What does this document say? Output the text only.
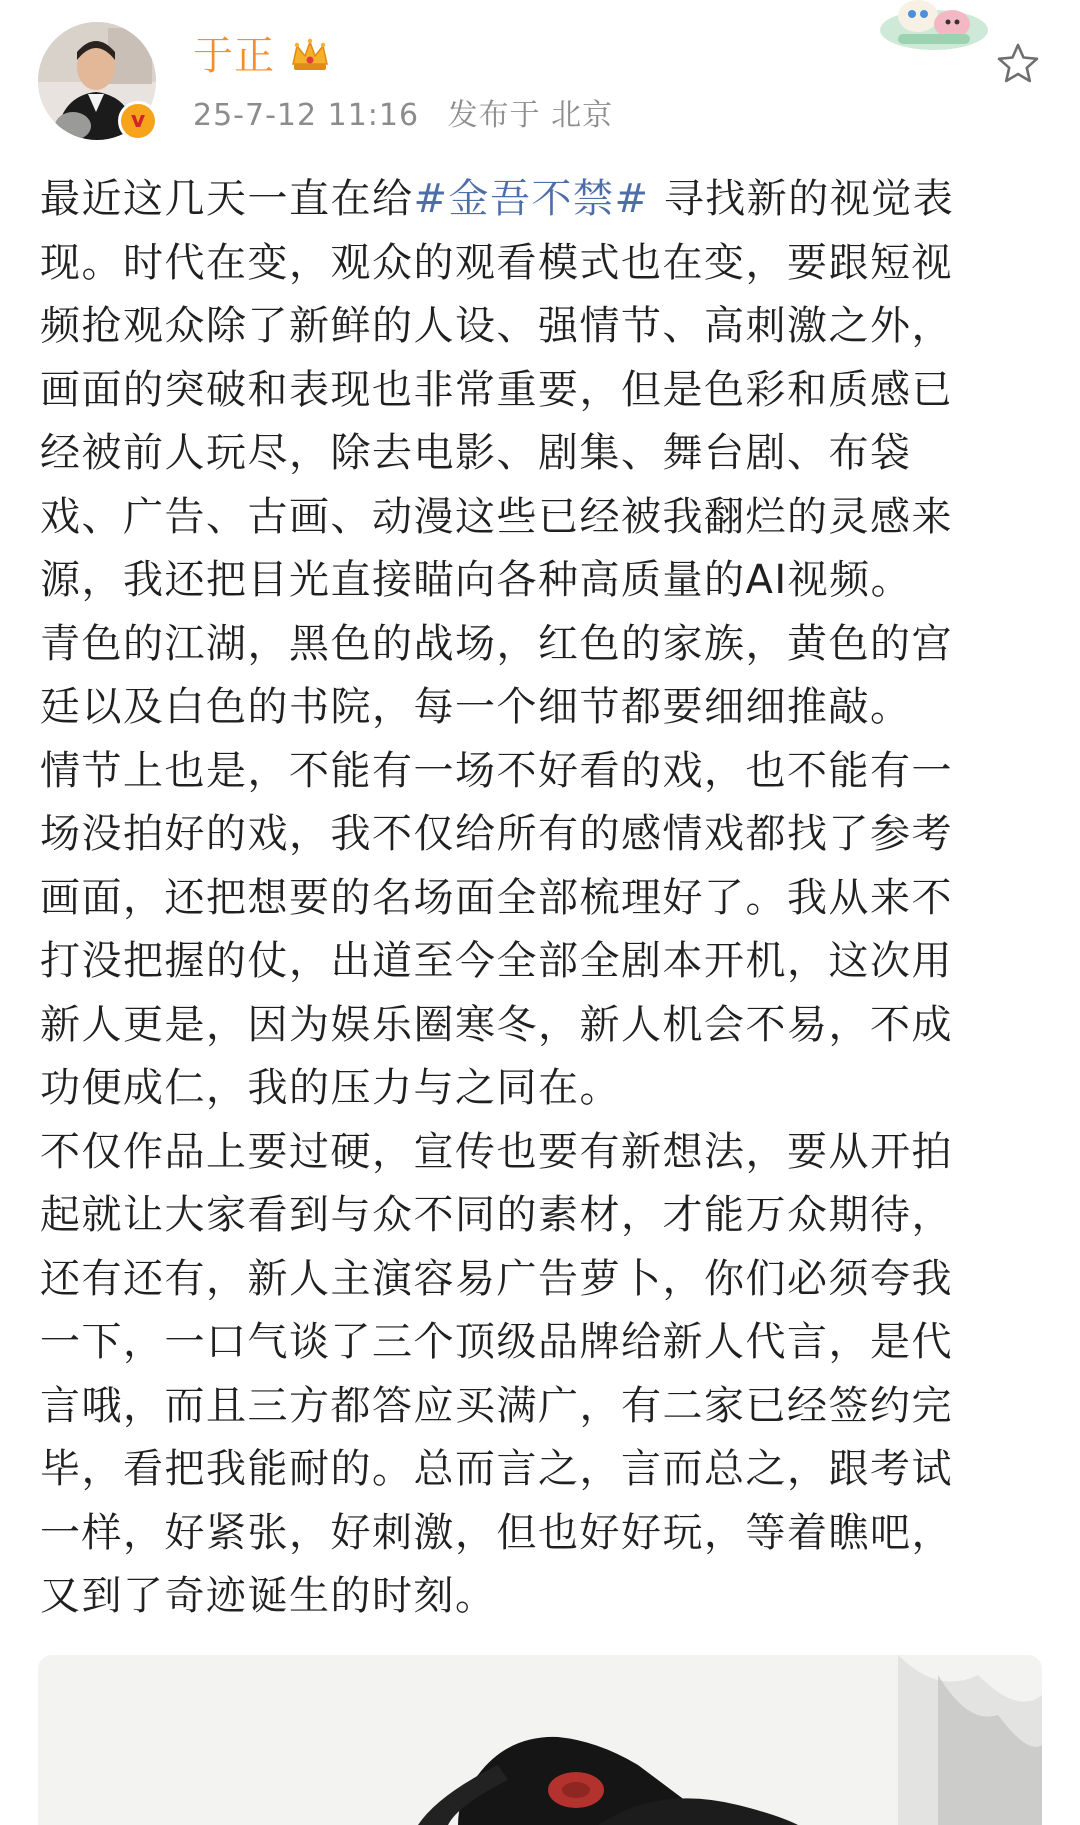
v
于正
25-7-12 11:16 发布于 北京
最近这几天一直在给#金吾不禁# 寻找新的视觉表
现。时代在变，观众的观看模式也在变，要跟短视
频抢观众除了新鲜的人设、强情节、高刺激之外，
画面的突破和表现也非常重要，但是色彩和质感已
经被前人玩尽，除去电影、剧集、舞台剧、布袋
戏、广告、古画、动漫这些已经被我翻烂的灵感来
源，我还把目光直接瞄向各种高质量的AI视频。
青色的江湖，黑色的战场，红色的家族，黄色的宫
廷以及白色的书院，每一个细节都要细细推敲。
情节上也是，不能有一场不好看的戏，也不能有一
场没拍好的戏，我不仅给所有的感情戏都找了参考
画面，还把想要的名场面全部梳理好了。我从来不
打没把握的仗，出道至今全部全剧本开机，这次用
新人更是，因为娱乐圈寒冬，新人机会不易，不成
功便成仁，我的压力与之同在。
不仅作品上要过硬，宣传也要有新想法，要从开拍
起就让大家看到与众不同的素材，才能万众期待，
还有还有，新人主演容易广告萝卜，你们必须夸我
一下，一口气谈了三个顶级品牌给新人代言，是代
言哦，而且三方都答应买满广，有二家已经签约完
毕，看把我能耐的。总而言之，言而总之，跟考试
一样，好紧张，好刺激，但也好好玩，等着瞧吧，
又到了奇迹诞生的时刻。
